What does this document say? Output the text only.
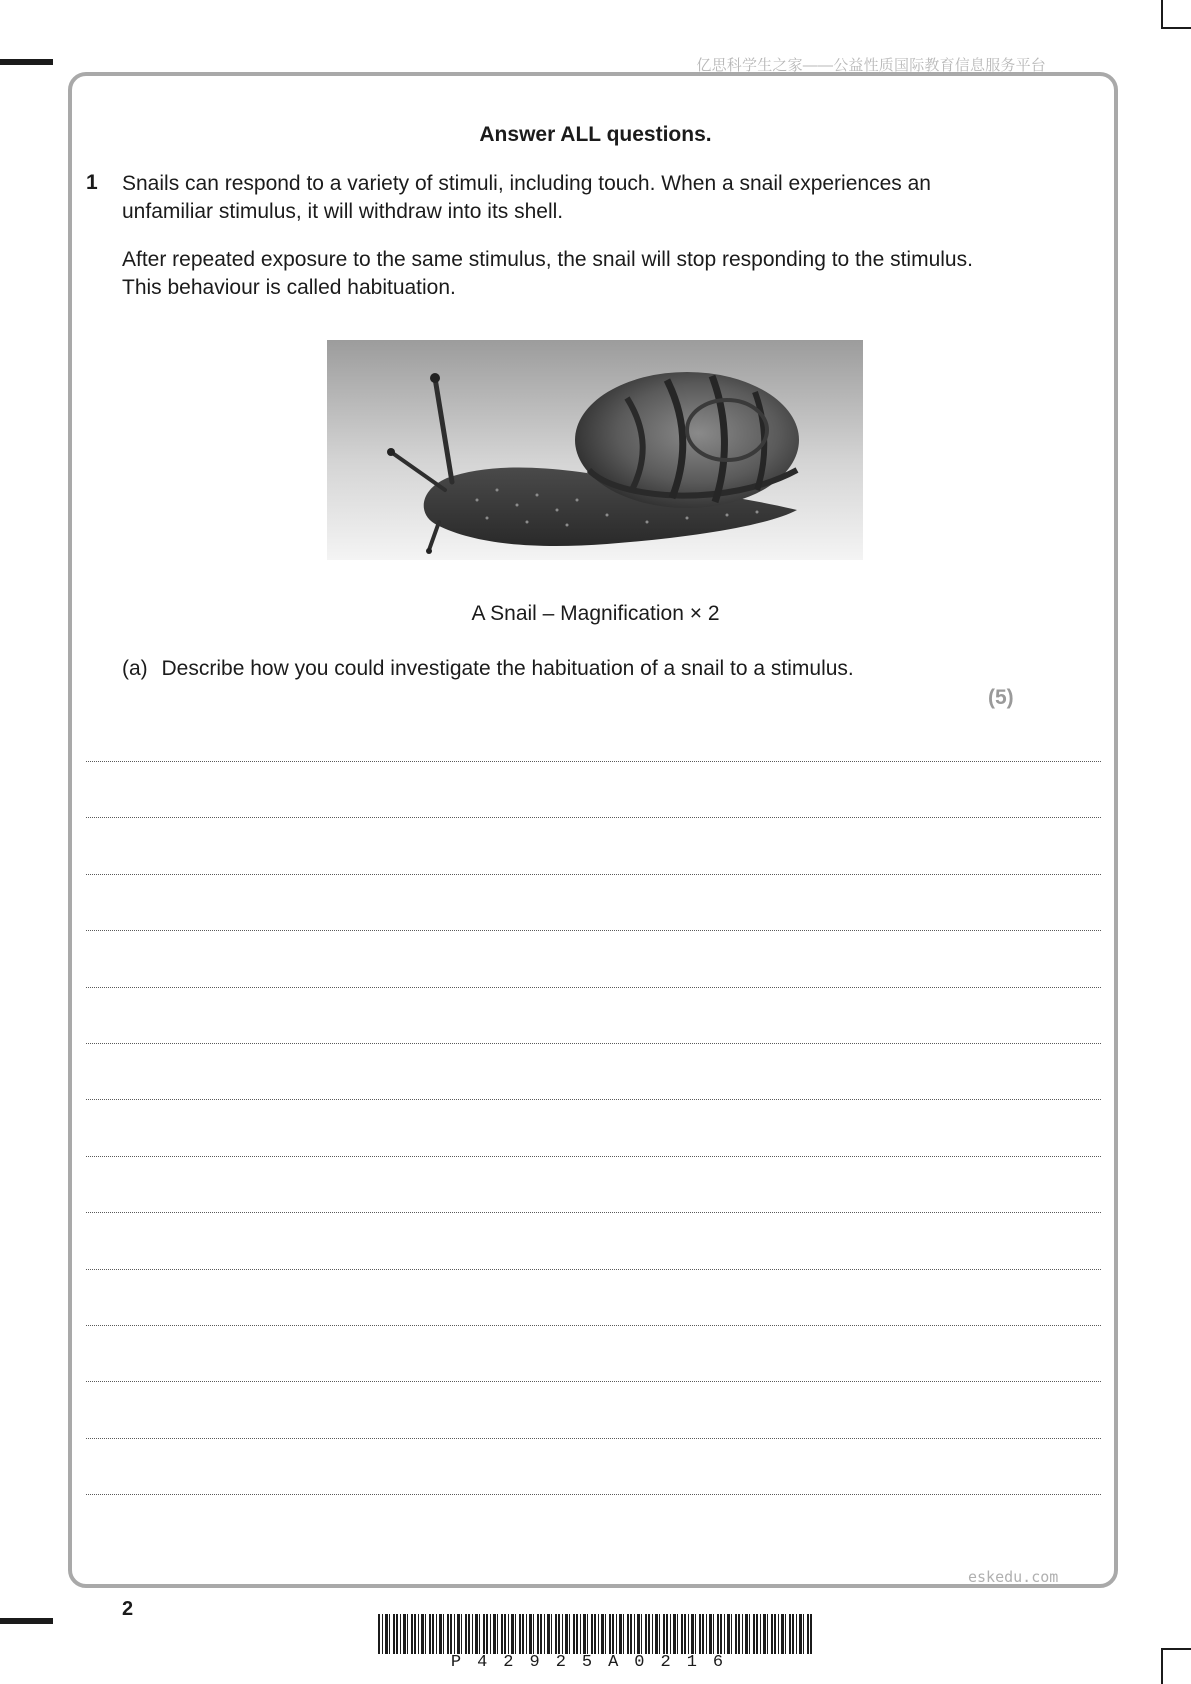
亿思科学生之家——公益性质国际教育信息服务平台
Answer ALL questions.
1 Snails can respond to a variety of stimuli, including touch. When a snail experiences an unfamiliar stimulus, it will withdraw into its shell.
After repeated exposure to the same stimulus, the snail will stop responding to the stimulus. This behaviour is called habituation.
A Snail – Magnification × 2
(a) Describe how you could investigate the habituation of a snail to a stimulus.
(5)
eskedu.com
2
P42925A0216
